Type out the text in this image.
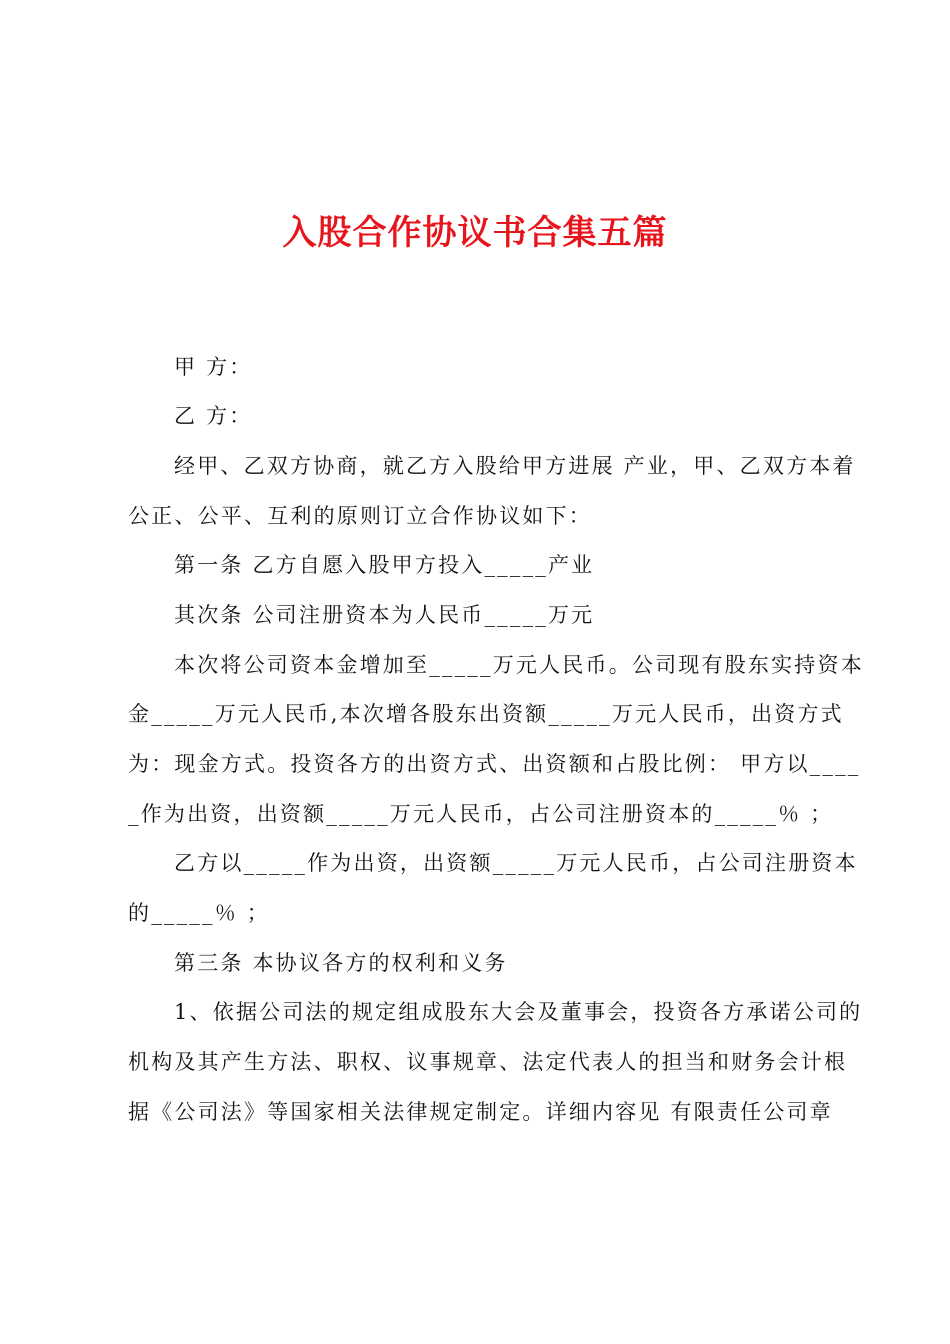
入股合作协议书合集五篇

甲 方：

乙 方：

经甲、乙双方协商，就乙方入股给甲方进展 产业，甲、乙双方本着

公正、公平、互利的原则订立合作协议如下：

第一条 乙方自愿入股甲方投入_____产业

其次条 公司注册资本为人民币_____万元

本次将公司资本金增加至_____万元人民币。公司现有股东实持资本

金_____万元人民币,本次增各股东出资额_____万元人民币，出资方式

为：现金方式。投资各方的出资方式、出资额和占股比例： 甲方以____

_作为出资，出资额_____万元人民币，占公司注册资本的_____％ ；

乙方以_____作为出资，出资额_____万元人民币，占公司注册资本

的_____％ ；

第三条 本协议各方的权利和义务

1、依据公司法的规定组成股东大会及董事会，投资各方承诺公司的

机构及其产生方法、职权、议事规章、法定代表人的担当和财务会计根

据《公司法》等国家相关法律规定制定。详细内容见 有限责任公司章
